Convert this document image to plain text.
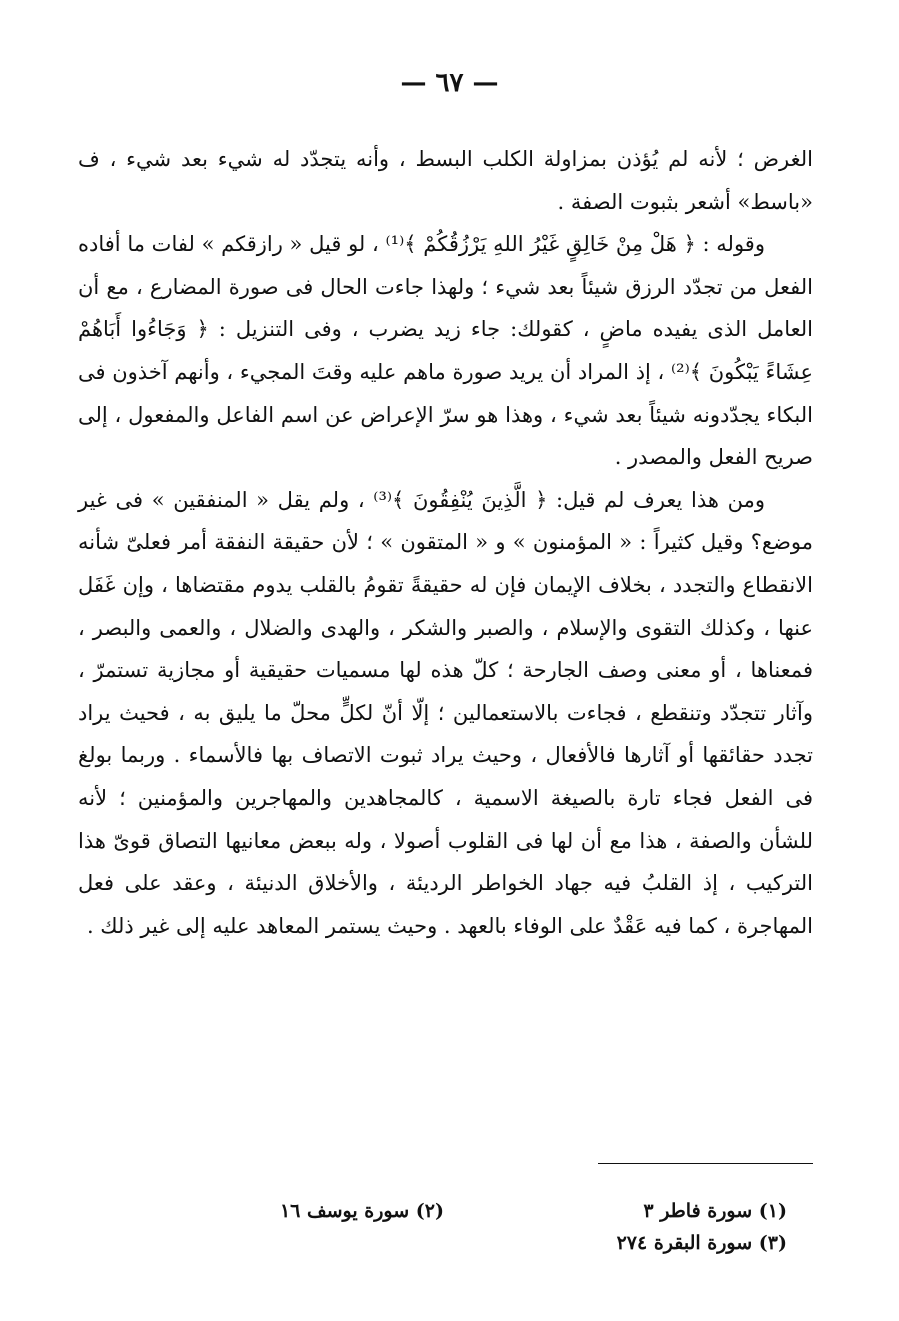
— ٦٧ —

الغرض ؛ لأنه لم يُؤذن بمزاولة الكلب البسط ، وأنه يتجدّد له شيء بعد شيء ، ف «باسط» أشعر بثبوت الصفة .

وقوله : ﴿ هَلْ مِنْ خَالِقٍ غَيْرُ اللهِ يَرْزُقُكُمْ ﴾⁽¹⁾ ، لو قيل « رازقكم » لفات ما أفاده الفعل من تجدّد الرزق شيئاً بعد شيء ؛ ولهذا جاءت الحال فى صورة المضارع ، مع أن العامل الذى يفيده ماضٍ ، كقولك: جاء زيد يضرب ، وفى التنزيل : ﴿ وَجَاءُوا أَبَاهُمْ عِشَاءً يَبْكُونَ ﴾⁽²⁾ ، إذ المراد أن يريد صورة ماهم عليه وقتَ المجيء ، وأنهم آخذون فى البكاء يجدّدونه شيئاً بعد شيء ، وهذا هو سرّ الإعراض عن اسم الفاعل والمفعول ، إلى صريح الفعل والمصدر .

ومن هذا يعرف لم قيل: ﴿ الَّذِينَ يُنْفِقُونَ ﴾⁽³⁾ ، ولم يقل « المنفقين » فى غير موضع؟ وقيل كثيراً : « المؤمنون » و « المتقون » ؛ لأن حقيقة النفقة أمر فعلىّ شأنه الانقطاع والتجدد ، بخلاف الإيمان فإن له حقيقةً تقومُ بالقلب يدوم مقتضاها ، وإن غَفَل عنها ، وكذلك التقوى والإسلام ، والصبر والشكر ، والهدى والضلال ، والعمى والبصر ، فمعناها ، أو معنى وصف الجارحة ؛ كلّ هذه لها مسميات حقيقية أو مجازية تستمرّ ، وآثار تتجدّد وتنقطع ، فجاءت بالاستعمالين ؛ إلّا أنّ لكلٍّ محلّ ما يليق به ، فحيث يراد تجدد حقائقها أو آثارها فالأفعال ، وحيث يراد ثبوت الاتصاف بها فالأسماء . وربما بولغ فى الفعل فجاء تارة بالصيغة الاسمية ، كالمجاهدين والمهاجرين والمؤمنين ؛ لأنه للشأن والصفة ، هذا مع أن لها فى القلوب أصولا ، وله ببعض معانيها التصاق قوىّ هذا التركيب ، إذ القلبُ فيه جهاد الخواطر الرديئة ، والأخلاق الدنيئة ، وعقد على فعل المهاجرة ، كما فيه عَقْدٌ على الوفاء بالعهد . وحيث يستمر المعاهد عليه إلى غير ذلك .

(١) سورة فاطر ٣
(٢) سورة يوسف ١٦
(٣) سورة البقرة ٢٧٤
